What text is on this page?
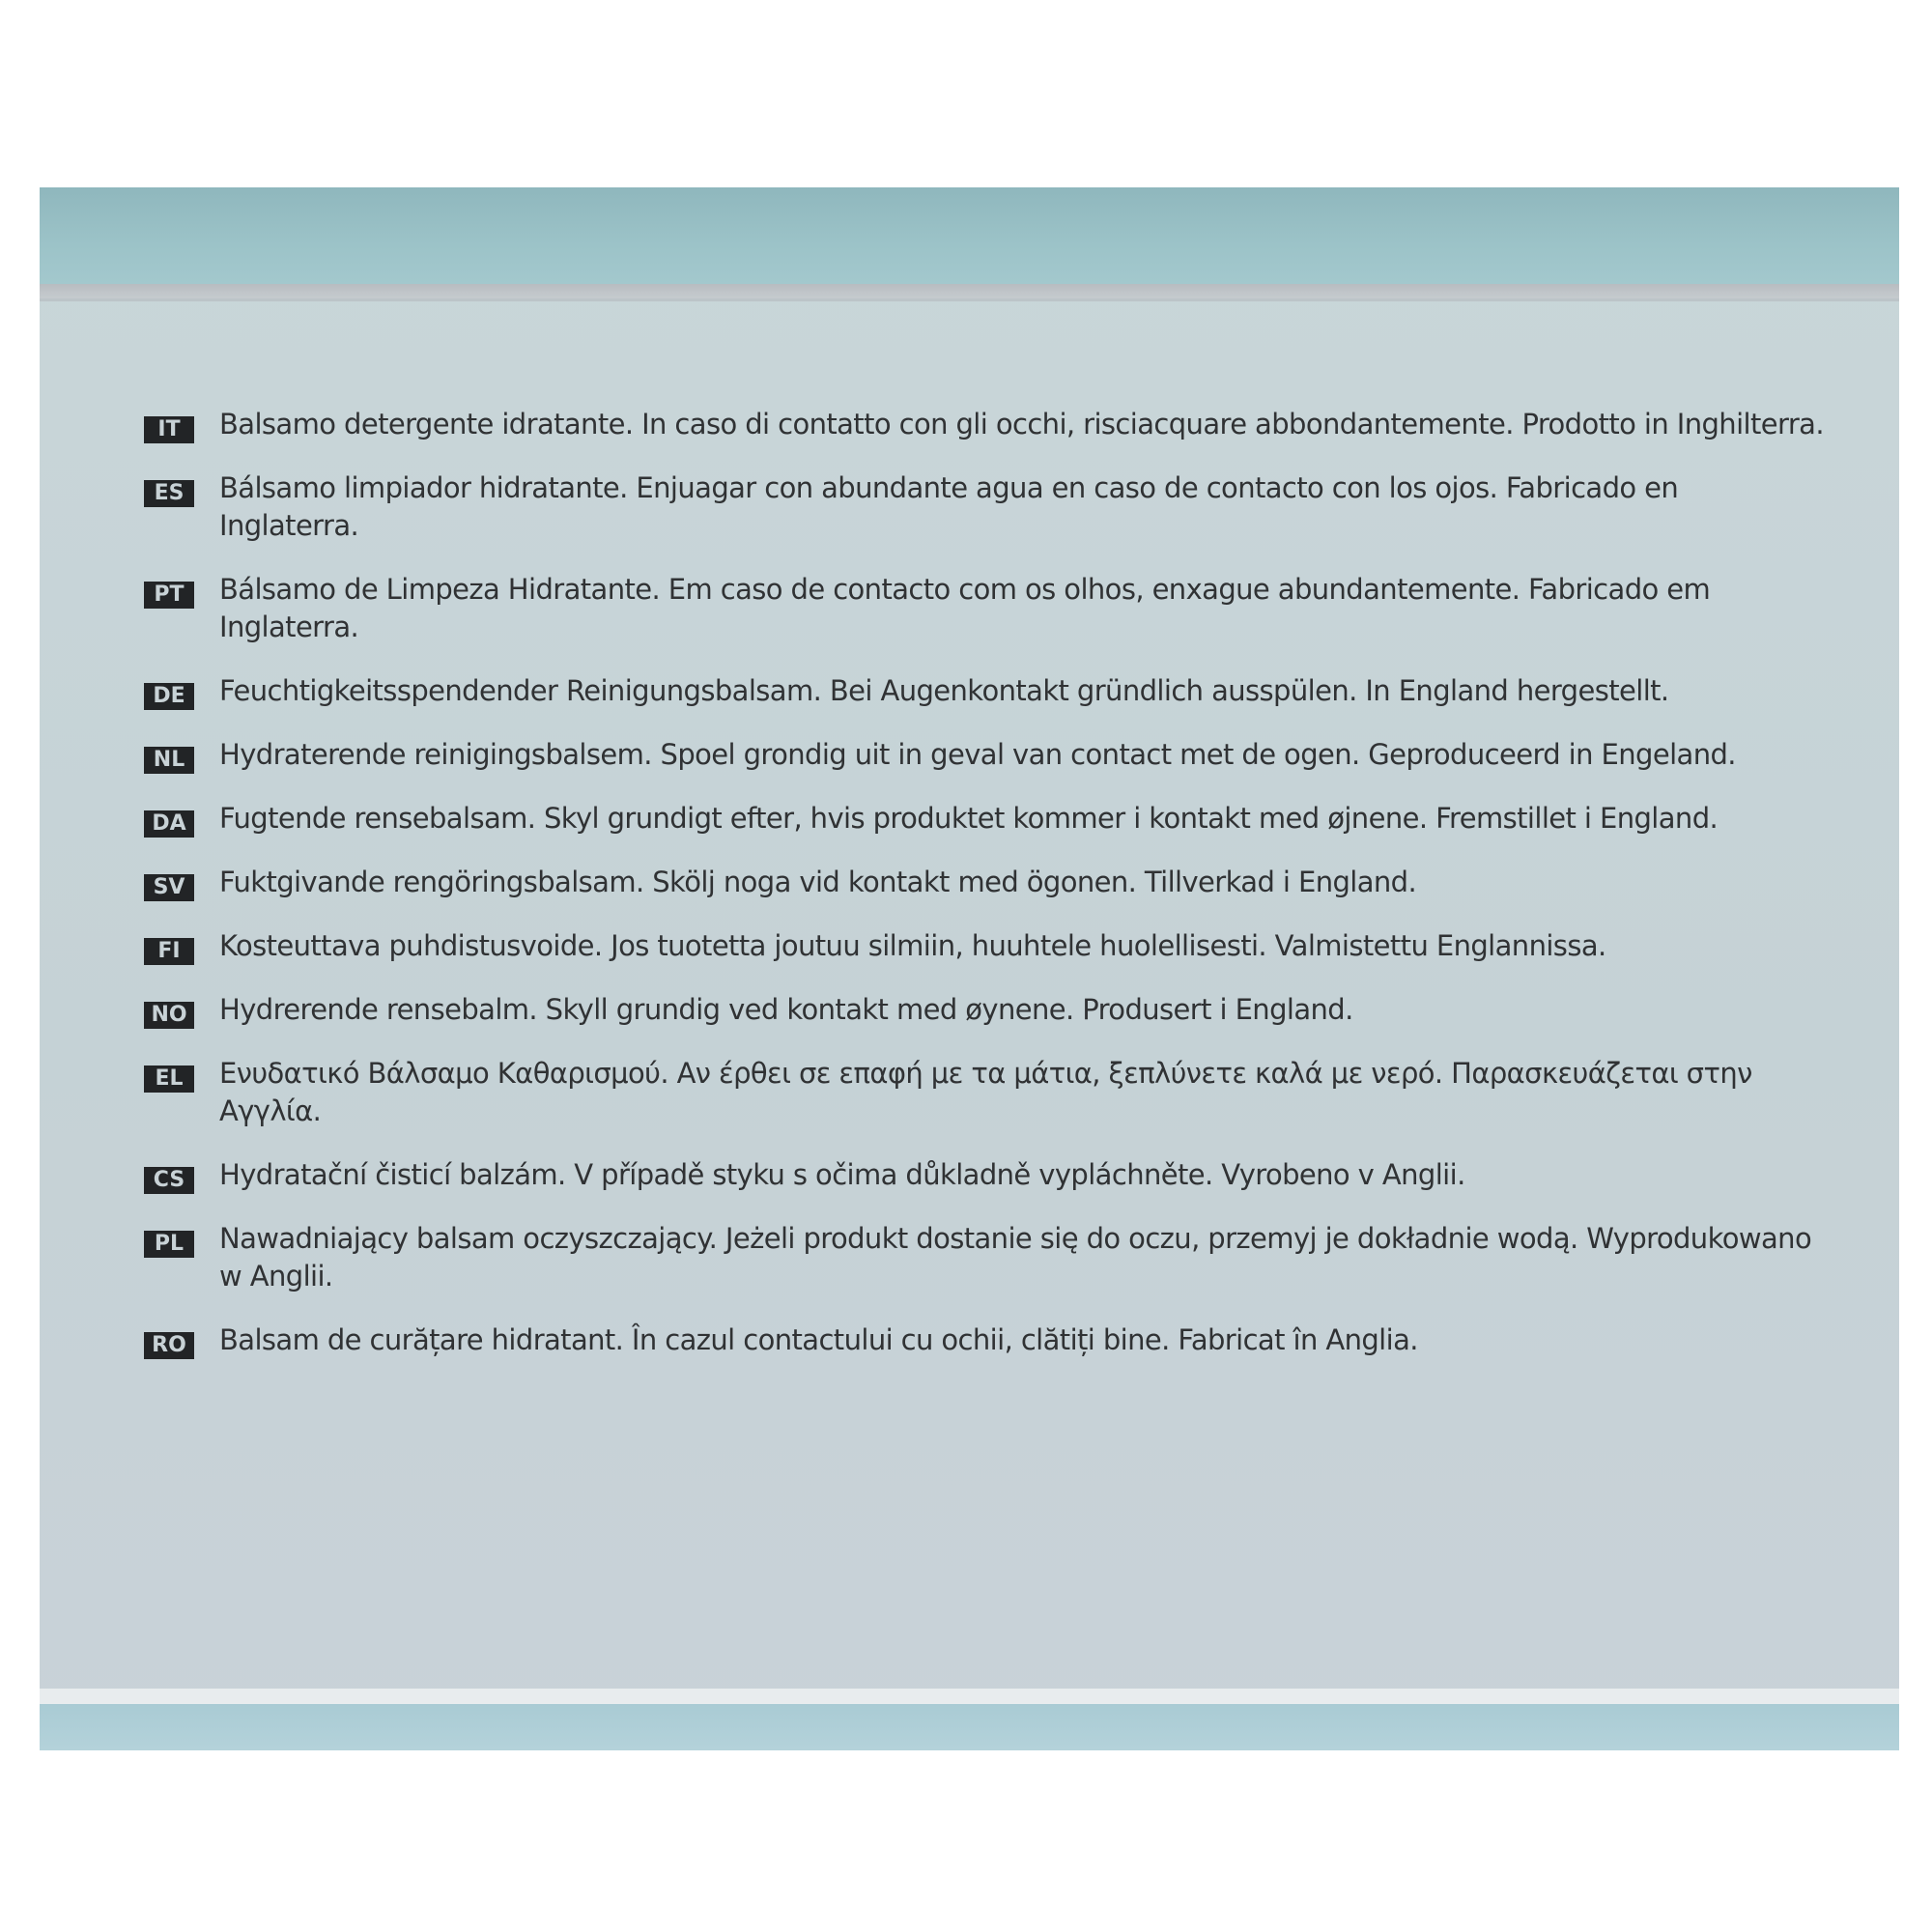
IT	Balsamo detergente idratante. In caso di contatto con gli occhi, risciacquare abbondantemente. Prodotto in Inghilterra.
ES	Bálsamo limpiador hidratante. Enjuagar con abundante agua en caso de contacto con los ojos. Fabricado en Inglaterra.
PT	Bálsamo de Limpeza Hidratante. Em caso de contacto com os olhos, enxague abundantemente. Fabricado em Inglaterra.
DE	Feuchtigkeitsspendender Reinigungsbalsam. Bei Augenkontakt gründlich ausspülen. In England hergestellt.
NL	Hydraterende reinigingsbalsem. Spoel grondig uit in geval van contact met de ogen. Geproduceerd in Engeland.
DA Fugtende rensebalsam. Skyl grundigt efter, hvis produktet kommer i kontakt med øjnene. Fremstillet i England.
SV	Fuktgivande rengöringsbalsam. Skölj noga vid kontakt med ögonen. Tillverkad i England.
FI	Kosteuttava puhdistusvoide. Jos tuotetta joutuu silmiin, huuhtele huolellisesti. Valmistettu Englannissa.
NO Hydrerende rensebalm. Skyll grundig ved kontakt med øynene. Produsert i England.
EL	Ενυδατικό Βάλσαμο Καθαρισμού. Αν έρθει σε επαφή με τα μάτια, ξεπλύνετε καλά με νερό. Παρασκευάζεται στην Αγγλία.
CS	Hydratační čisticí balzám. V případě styku s očima důkladně vypláchněte. Vyrobeno v Anglii.
PL	Nawadniający balsam oczyszczający. Jeżeli produkt dostanie się do oczu, przemyj je dokładnie wodą. Wyprodukowano w Anglii.
RO Balsam de curățare hidratant. În cazul contactului cu ochii, clătiți bine. Fabricat în Anglia.
